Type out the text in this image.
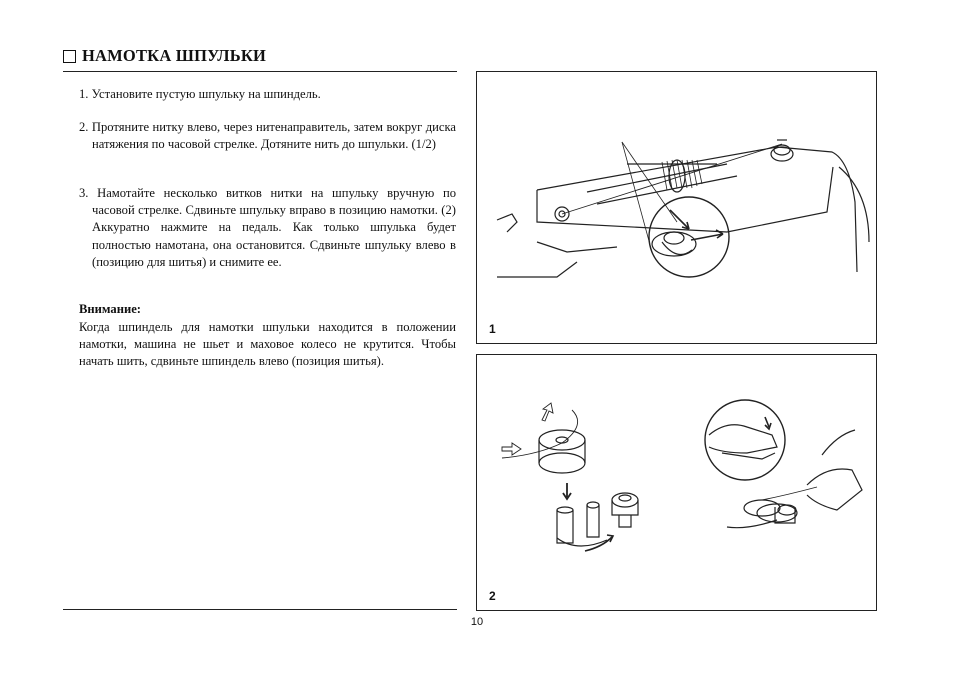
НАМОТКА ШПУЛЬКИ
1. Установите пустую шпульку на шпиндель.
2. Протяните нитку влево, через нитенаправитель, затем вокруг диска натяжения по часовой стрелке. Дотяните нить до шпульки. (1/2)
3. Намотайте несколько витков нитки на шпульку вручную по часовой стрелке. Сдвиньте шпульку вправо в позицию намотки. (2) Аккуратно нажмите на педаль. Как только шпулька будет полностью намотана, она остановится. Сдвиньте шпульку влево в (позицию для шитья) и снимите ее.
Внимание:
Когда шпиндель для намотки шпульки находится в положении намотки, машина не шьет и маховое колесо не крутится. Чтобы начать шить, сдвиньте шпиндель влево (позиция шитья).
1
2
10
